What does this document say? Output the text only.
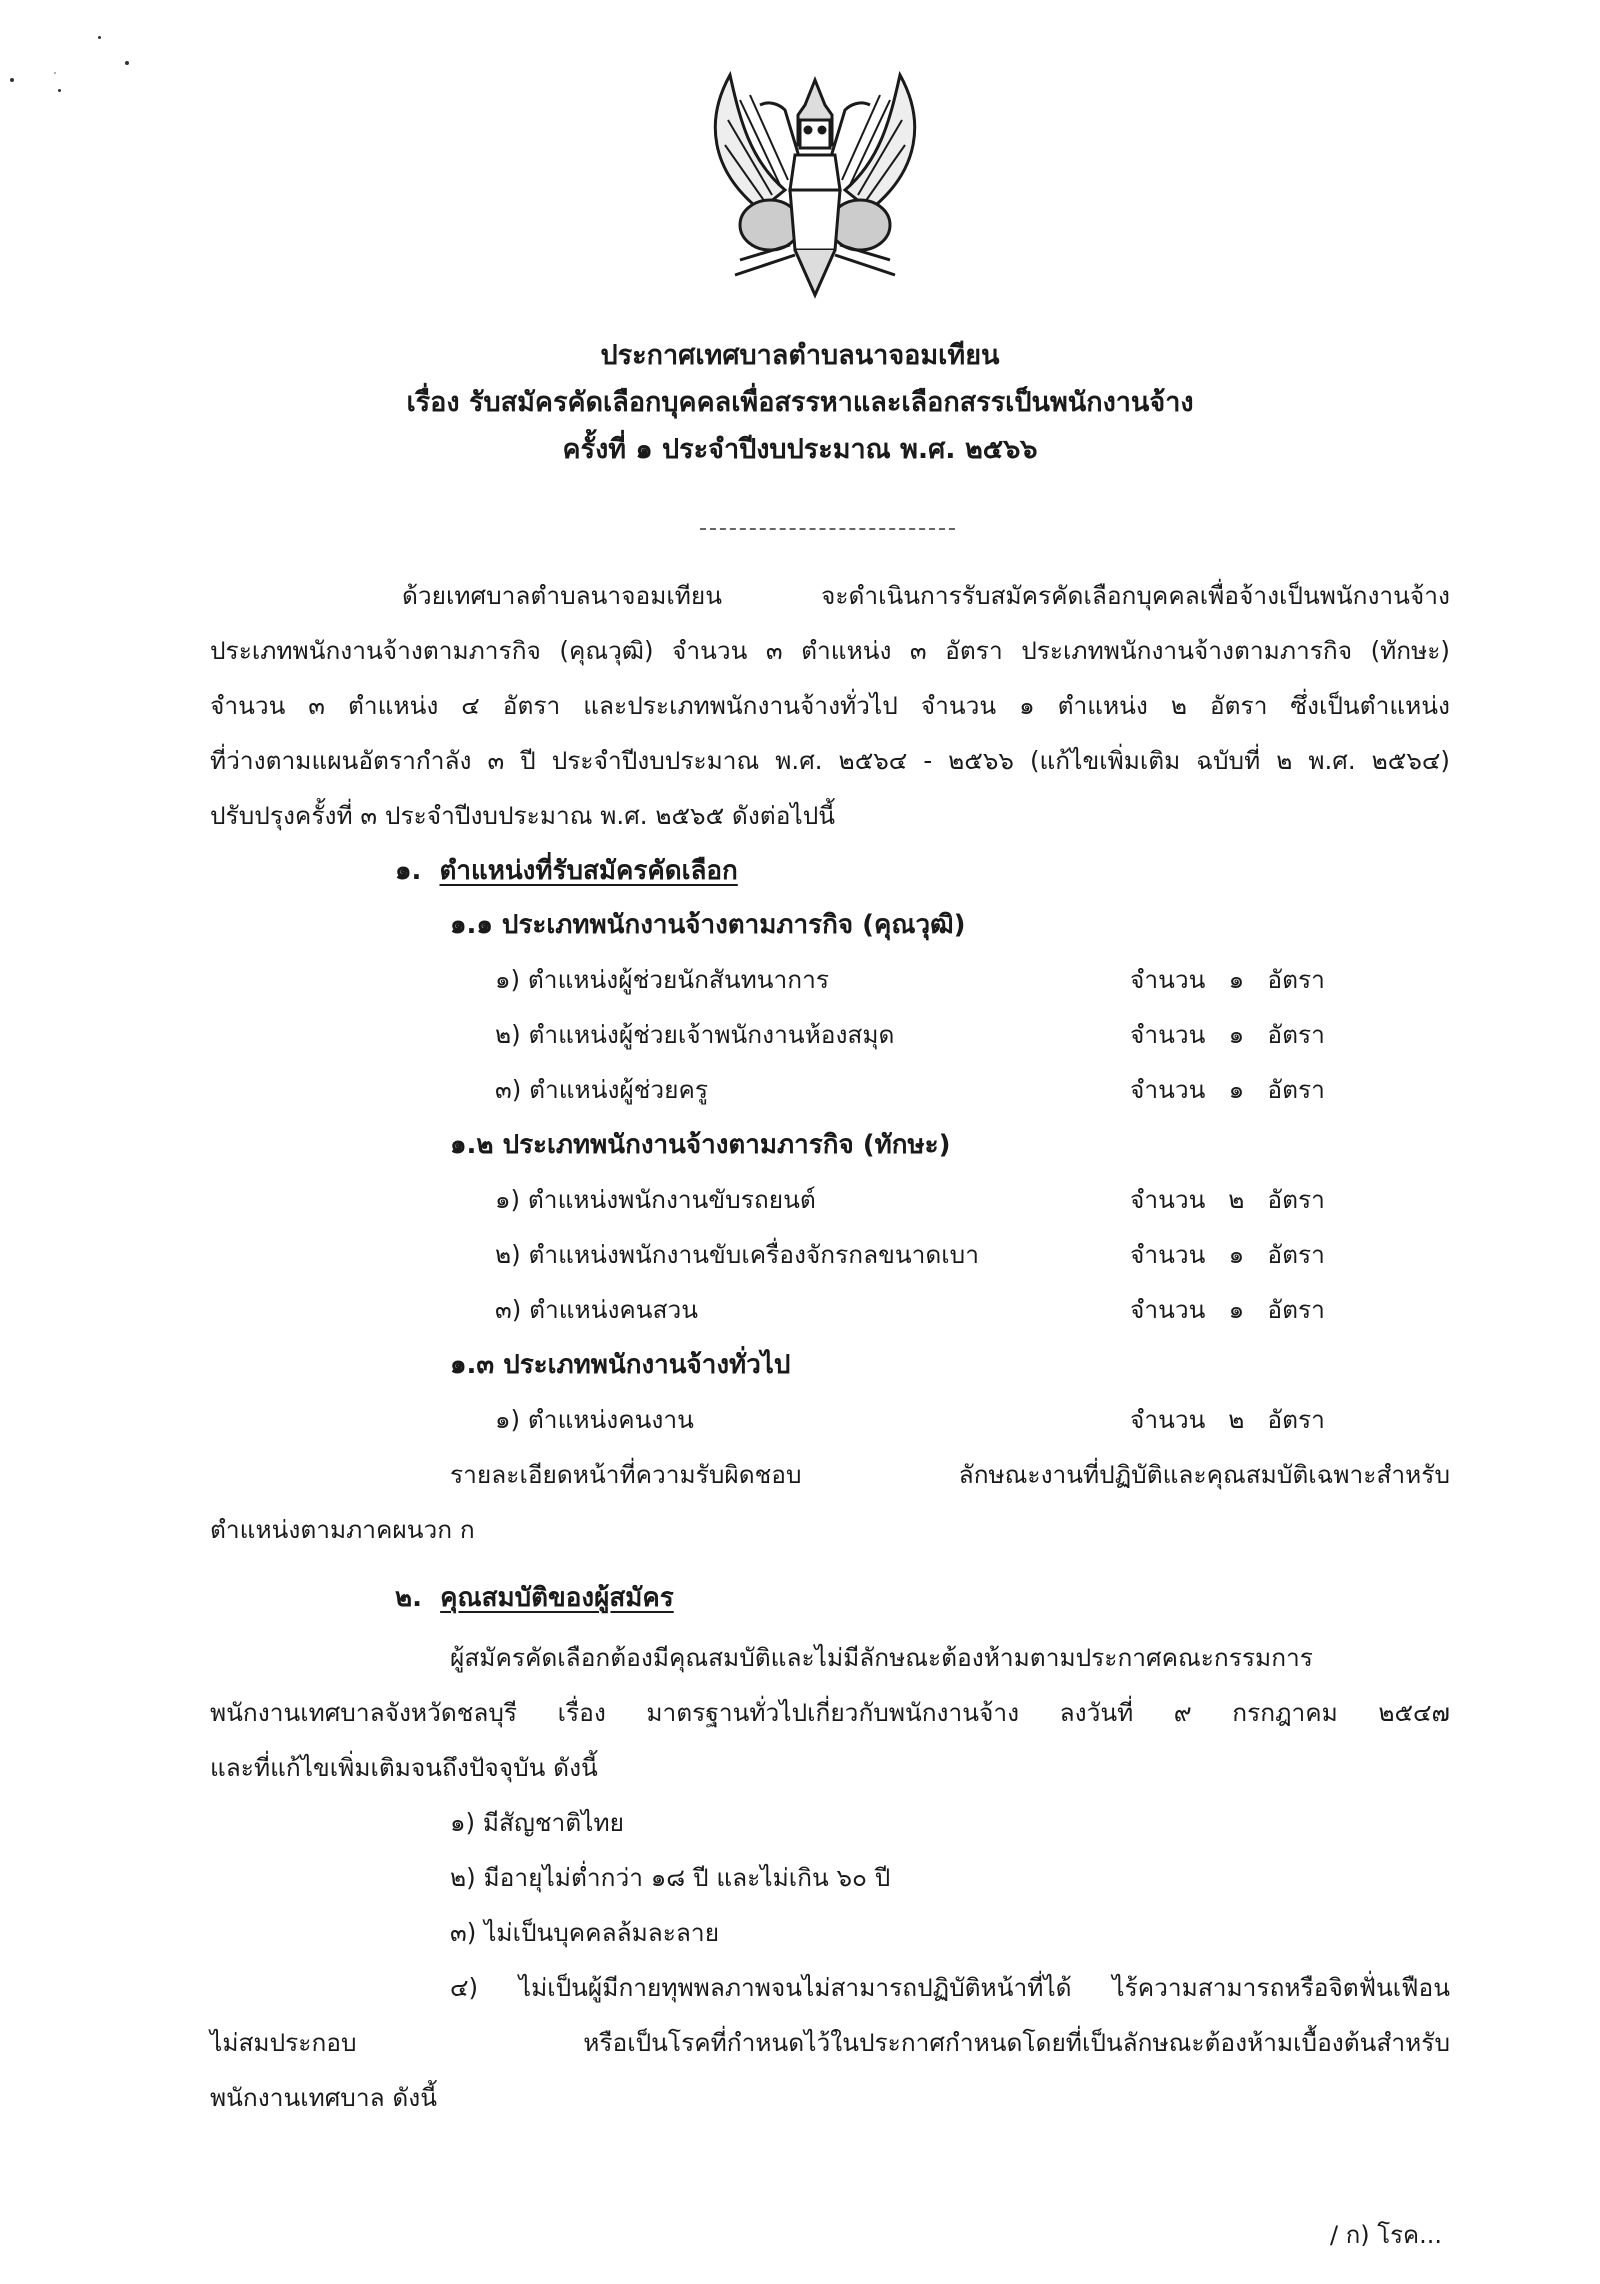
ประกาศเทศบาลตำบลนาจอมเทียน
เรื่อง รับสมัครคัดเลือกบุคคลเพื่อสรรหาและเลือกสรรเป็นพนักงานจ้าง
ครั้งที่ ๑ ประจำปีงบประมาณ พ.ศ. ๒๕๖๖
ด้วยเทศบาลตำบลนาจอมเทียน จะดำเนินการรับสมัครคัดเลือกบุคคลเพื่อจ้างเป็นพนักงานจ้าง
ประเภทพนักงานจ้างตามภารกิจ (คุณวุฒิ) จำนวน ๓ ตำแหน่ง ๓ อัตรา ประเภทพนักงานจ้างตามภารกิจ (ทักษะ)
จำนวน ๓ ตำแหน่ง ๔ อัตรา และประเภทพนักงานจ้างทั่วไป จำนวน ๑ ตำแหน่ง ๒ อัตรา ซึ่งเป็นตำแหน่ง
ที่ว่างตามแผนอัตรากำลัง ๓ ปี ประจำปีงบประมาณ พ.ศ. ๒๕๖๔ - ๒๕๖๖ (แก้ไขเพิ่มเติม ฉบับที่ ๒ พ.ศ. ๒๕๖๔)
ปรับปรุงครั้งที่ ๓ ประจำปีงบประมาณ พ.ศ. ๒๕๖๕ ดังต่อไปนี้
๑. ตำแหน่งที่รับสมัครคัดเลือก
๑.๑ ประเภทพนักงานจ้างตามภารกิจ (คุณวุฒิ)
๑) ตำแหน่งผู้ช่วยนักสันทนาการ	จำนวน ๑ อัตรา
๒) ตำแหน่งผู้ช่วยเจ้าพนักงานห้องสมุด	จำนวน ๑ อัตรา
๓) ตำแหน่งผู้ช่วยครู	จำนวน ๑ อัตรา
๑.๒ ประเภทพนักงานจ้างตามภารกิจ (ทักษะ)
๑) ตำแหน่งพนักงานขับรถยนต์	จำนวน ๒ อัตรา
๒) ตำแหน่งพนักงานขับเครื่องจักรกลขนาดเบา	จำนวน ๑ อัตรา
๓) ตำแหน่งคนสวน	จำนวน ๑ อัตรา
๑.๓ ประเภทพนักงานจ้างทั่วไป
๑) ตำแหน่งคนงาน	จำนวน ๒ อัตรา
รายละเอียดหน้าที่ความรับผิดชอบ ลักษณะงานที่ปฏิบัติและคุณสมบัติเฉพาะสำหรับ
ตำแหน่งตามภาคผนวก ก
๒. คุณสมบัติของผู้สมัคร
ผู้สมัครคัดเลือกต้องมีคุณสมบัติและไม่มีลักษณะต้องห้ามตามประกาศคณะกรรมการ
พนักงานเทศบาลจังหวัดชลบุรี เรื่อง มาตรฐานทั่วไปเกี่ยวกับพนักงานจ้าง ลงวันที่ ๙ กรกฎาคม ๒๕๔๗
และที่แก้ไขเพิ่มเติมจนถึงปัจจุบัน ดังนี้
๑) มีสัญชาติไทย
๒) มีอายุไม่ต่ำกว่า ๑๘ ปี และไม่เกิน ๖๐ ปี
๓) ไม่เป็นบุคคลล้มละลาย
๔) ไม่เป็นผู้มีกายทุพพลภาพจนไม่สามารถปฏิบัติหน้าที่ได้ ไร้ความสามารถหรือจิตฟั่นเฟือน
ไม่สมประกอบ หรือเป็นโรคที่กำหนดไว้ในประกาศกำหนดโดยที่เป็นลักษณะต้องห้ามเบื้องต้นสำหรับ
พนักงานเทศบาล ดังนี้
/ ก) โรค...
